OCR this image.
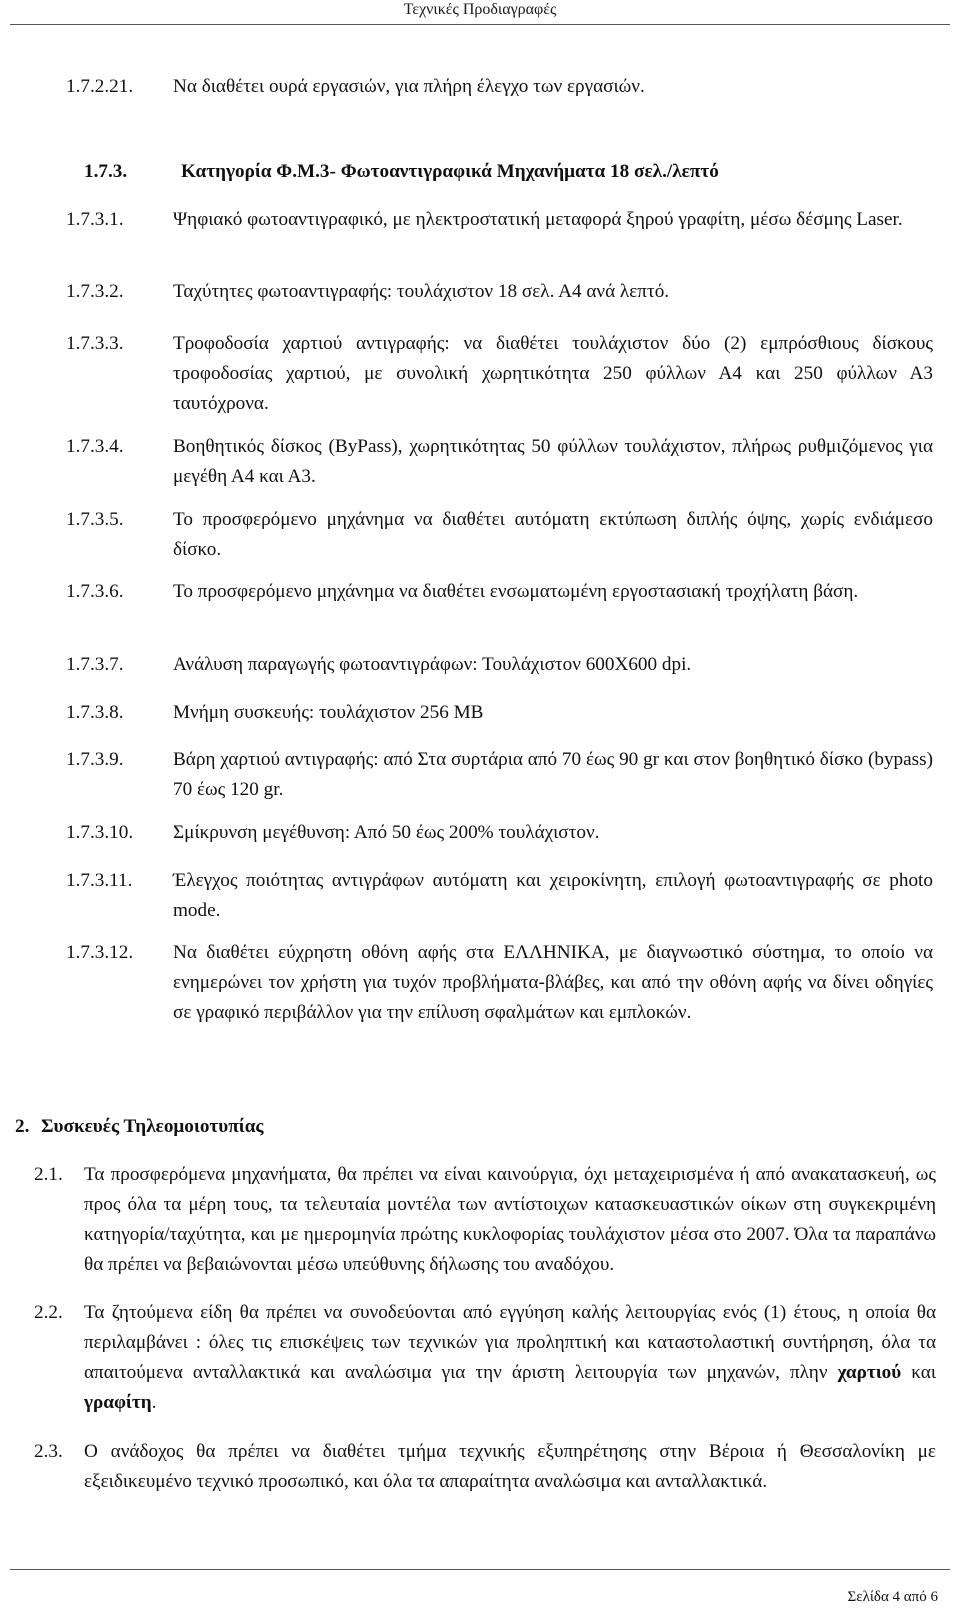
Τεχνικές Προδιαγραφές
1.7.2.21. Να διαθέτει ουρά εργασιών, για πλήρη έλεγχο των εργασιών.
1.7.3.	Κατηγορία Φ.Μ.3- Φωτοαντιγραφικά Μηχανήματα 18 σελ./λεπτό
1.7.3.1.	Ψηφιακό φωτοαντιγραφικό, με ηλεκτροστατική μεταφορά ξηρού γραφίτη, μέσω δέσμης Laser.
1.7.3.2.	Ταχύτητες φωτοαντιγραφής: τουλάχιστον 18 σελ. Α4 ανά λεπτό.
1.7.3.3.	Τροφοδοσία χαρτιού αντιγραφής: να διαθέτει τουλάχιστον δύο (2) εμπρόσθιους δίσκους τροφοδοσίας χαρτιού, με συνολική χωρητικότητα 250 φύλλων Α4 και 250 φύλλων Α3 ταυτόχρονα.
1.7.3.4.	Βοηθητικός δίσκος (ByPass), χωρητικότητας 50 φύλλων τουλάχιστον, πλήρως ρυθμιζόμενος για μεγέθη Α4 και Α3.
1.7.3.5.	Το προσφερόμενο μηχάνημα να διαθέτει αυτόματη εκτύπωση διπλής όψης, χωρίς ενδιάμεσο δίσκο.
1.7.3.6.	Το προσφερόμενο μηχάνημα να διαθέτει ενσωματωμένη εργοστασιακή τροχήλατη βάση.
1.7.3.7.	Ανάλυση παραγωγής φωτοαντιγράφων: Τουλάχιστον 600Χ600 dpi.
1.7.3.8.	Μνήμη συσκευής: τουλάχιστον 256 MB
1.7.3.9.	Βάρη χαρτιού αντιγραφής: από Στα συρτάρια από 70 έως 90 gr και στον βοηθητικό δίσκο (bypass) 70 έως 120 gr.
1.7.3.10. Σμίκρυνση μεγέθυνση: Από 50 έως 200% τουλάχιστον.
1.7.3.11. Έλεγχος ποιότητας αντιγράφων αυτόματη και χειροκίνητη, επιλογή φωτοαντιγραφής σε photo mode.
1.7.3.12. Να διαθέτει εύχρηστη οθόνη αφής στα ΕΛΛΗΝΙΚΑ, με διαγνωστικό σύστημα, το οποίο να ενημερώνει τον χρήστη για τυχόν προβλήματα-βλάβες, και από την οθόνη αφής να δίνει οδηγίες σε γραφικό περιβάλλον για την επίλυση σφαλμάτων και εμπλοκών.
2. Συσκευές Τηλεομοιοτυπίας
2.1. Τα προσφερόμενα μηχανήματα, θα πρέπει να είναι καινούργια, όχι μεταχειρισμένα ή από ανακατασκευή, ως προς όλα τα μέρη τους, τα τελευταία μοντέλα των αντίστοιχων κατασκευαστικών οίκων στη συγκεκριμένη κατηγορία/ταχύτητα, και με ημερομηνία πρώτης κυκλοφορίας τουλάχιστον μέσα στο 2007. Όλα τα παραπάνω θα πρέπει να βεβαιώνονται μέσω υπεύθυνης δήλωσης του αναδόχου.
2.2. Τα ζητούμενα είδη θα πρέπει να συνοδεύονται από εγγύηση καλής λειτουργίας ενός (1) έτους, η οποία θα περιλαμβάνει : όλες τις επισκέψεις των τεχνικών για προληπτική και καταστολαστική συντήρηση, όλα τα απαιτούμενα ανταλλακτικά και αναλώσιμα για την άριστη λειτουργία των μηχανών, πλην χαρτιού και γραφίτη.
2.3. Ο ανάδοχος θα πρέπει να διαθέτει τμήμα τεχνικής εξυπηρέτησης στην Βέροια ή Θεσσαλονίκη με εξειδικευμένο τεχνικό προσωπικό, και όλα τα απαραίτητα αναλώσιμα και ανταλλακτικά.
Σελίδα 4 από 6
